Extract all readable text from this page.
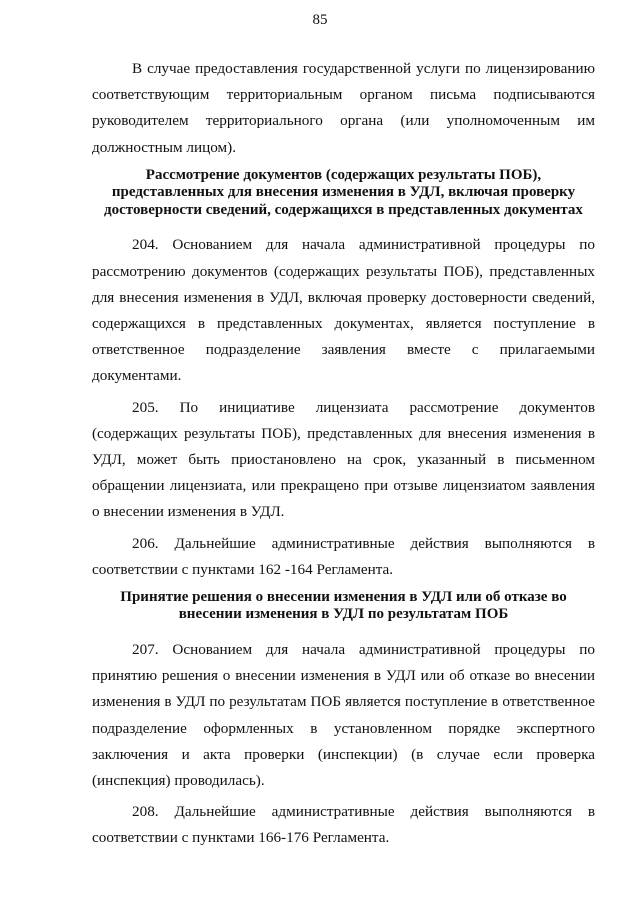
85

В случае предоставления государственной услуги по лицензированию соответствующим территориальным органом письма подписываются руководителем территориального органа (или уполномоченным им должностным лицом).

Рассмотрение документов (содержащих результаты ПОБ),
представленных для внесения изменения в УДЛ, включая проверку
достоверности сведений, содержащихся в представленных документах

204. Основанием для начала административной процедуры по рассмотрению документов (содержащих результаты ПОБ), представленных для внесения изменения в УДЛ, включая проверку достоверности сведений, содержащихся в представленных документах, является поступление в ответственное подразделение заявления вместе с прилагаемыми документами.

205. По инициативе лицензиата рассмотрение документов (содержащих результаты ПОБ), представленных для внесения изменения в УДЛ, может быть приостановлено на срок, указанный в письменном обращении лицензиата, или прекращено при отзыве лицензиатом заявления о внесении изменения в УДЛ.

206. Дальнейшие административные действия выполняются в соответствии с пунктами 162 -164 Регламента.

Принятие решения о внесении изменения в УДЛ или об отказе во
внесении изменения в УДЛ по результатам ПОБ

207. Основанием для начала административной процедуры по принятию решения о внесении изменения в УДЛ или об отказе во внесении изменения в УДЛ по результатам ПОБ является поступление в ответственное подразделение оформленных в установленном порядке экспертного заключения и акта проверки (инспекции) (в случае если проверка (инспекция) проводилась).

208. Дальнейшие административные действия выполняются в соответствии с пунктами 166-176 Регламента.
